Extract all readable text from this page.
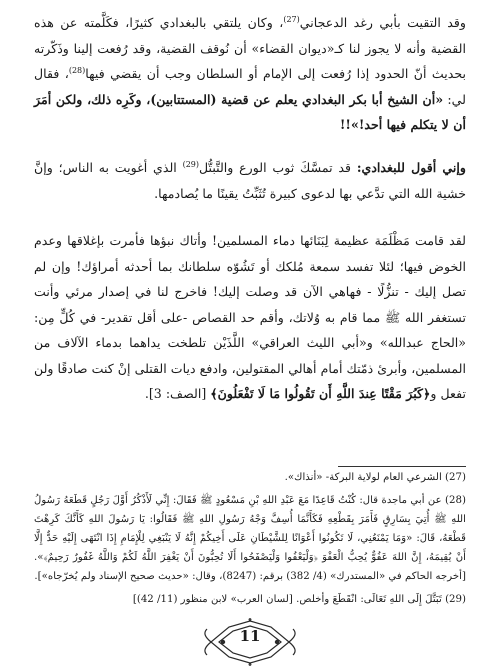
وقد التقيت بأبي رغد الدعجاني$^{(27)}$، وكان يلتقي بالبغدادي كثيرًا، فكَلَّمته عن هذه القضية وأنه لا يجوز لنا كـ«ديوان القضاء» أن نُوقف القضية، وقد رُفعت إلينا وذَكّرته بحديث أنّ الحدود إذا رُفعت إلى الإمام أو السلطان وجب أن يقضي فيها$^{(28)}$، فقال لي: «أن الشيخ أبا بكر البغدادي يعلم عن قضية (المستتابين)، وكَرِه ذلك، ولكن أمَرَ أن لا يتكلم فيها أحد!»!!

وإني أقول للبغدادي: قد تمسَّكَ ثوب الورع والتَّبتُّل$^{(29)}$ الذي أغويت به الناس؛ وإنَّ خشية الله التي تدَّعي بها لدعوى كبيرة تُثَبِّتُ يقينًا ما يُصادمها.

لقد قامت مَظْلَمَة عظيمة لِبَنَائها دماء المسلمين! وأتاك نبؤها فأمرت بإغلاقها وعدم الخوض فيها؛ لئلا تفسد سمعة مُلكك أو تَشُوّه سلطانك بما أحدثه أمراؤك! وإن لم تصل إليك - تنزُّلًا - فهاهي الآن قد وصلت إليك! فاخرج لنا في إصدار مرئي وأنت تستغفر الله ﷺ مما قام به وُلاتك، وأقم حد القصاص -على أقل تقدير- في كُلٍّ مِن: «الحاج عبدالله» و«أبي الليث العراقي» اللَّذَيْن تلطخت يداهما بدماء الآلاف من المسلمين، وأبرئ ذمّتك أمام أهالي المقتولين، وادفع ديات القتلى إنْ كنت صادقًا ولن تفعل و﴿كَبُرَ مَقْتًا عِندَ اللَّهِ أَن تَقُولُوا مَا لَا تَفْعَلُونَ﴾ [الصف: 3].

(27) الشرعي العام لولاية البركة- «أنذاك».

(28) عن أبي ماجدة قال: كُنْتُ قَاعِدًا مَعَ عَبْدِ اللهِ بْنِ مَسْعُودٍ ﷺ فَقَالَ: إِنِّي لَأَذْكُرُ أَوَّلَ رَجُلٍ قَطَعَهُ رَسُولُ اللهِ ﷺ أُتِيَ بِسَارِقٍ فَأَمَرَ بِقَطْعِهِ فَكَأَنَّمَا أُسِفَّ وَجْهُ رَسُولِ اللهِ ﷺ فَقَالُوا: يَا رَسُولَ اللهِ كَأَنَّكَ كَرِهْتَ قَطْعَهُ، قَالَ: «وَمَا يَمْنَعُنِي، لَا تَكُونُوا أَعْوَانًا لِلشَّيْطَانِ عَلَى أَخِيكُمْ إِنَّهُ لَا يَنْبَغِي لِلْإِمَامِ إِذَا انْتَهَى إِلَيْهِ حَدٌّ إِلَّا أَنْ يُقِيمَهُ، إِنَّ اللهَ عَفُوٌّ يُحِبُّ الْعَفْوَ ﴿وَلْيَعْفُوا وَلْيَصْفَحُوا أَلَا تُحِبُّونَ أَنْ يَغْفِرَ اللَّهُ لَكُمْ وَاللَّهُ غَفُورٌ رَحِيمٌ﴾». [أخرجه الحاكم في «المستدرك» (4/ 382) برقم: (8247)، وقال: «حديث صحيح الإسناد ولم يُخرّجاه»].

(29) تَبَتَّلَ إِلَى اللهِ تَعَالَى: انْقَطَعَ وأخلص. [لسان العرب» لابن منظور (11/ 42)]

11
